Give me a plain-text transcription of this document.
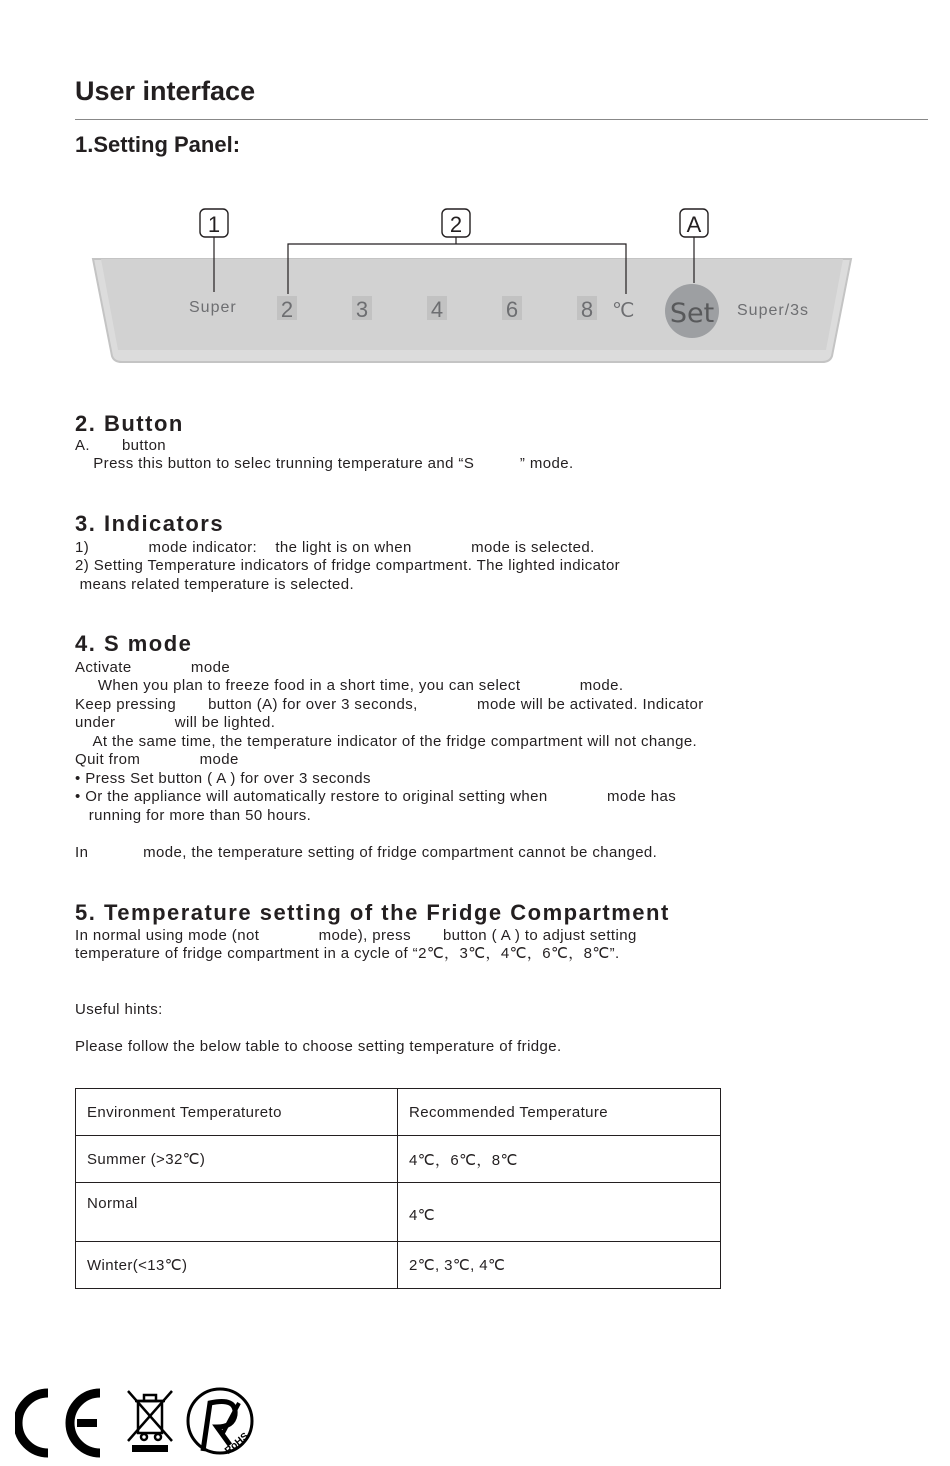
User interface
1.Setting Panel:
1	2	A
Super 2	3	4	6	8 ℃ Set Super/3s
2. Button
A.       button
Press this button to selec trunning temperature and “S          ” mode.
3. Indicators
1)             mode indicator:    the light is on when             mode is selected.
2) Setting Temperature indicators of fridge compartment. The lighted indicator
means related temperature is selected.
4. S mode
Activate             mode
When you plan to freeze food in a short time, you can select             mode.
Keep pressing       button (A) for over 3 seconds,             mode will be activated. Indicator
under             will be lighted.
At the same time, the temperature indicator of the fridge compartment will not change.
Quit from             mode
• Press Set button ( A ) for over 3 seconds
• Or the appliance will automatically restore to original setting when             mode has
running for more than 50 hours.
In            mode, the temperature setting of fridge compartment cannot be changed.
5. Temperature setting of the Fridge Compartment
In normal using mode (not             mode), press       button ( A ) to adjust setting
temperature of fridge compartment in a cycle of “2℃，3℃，4℃，6℃，8℃”.
Useful hints:
Please follow the below table to choose setting temperature of fridge.
Environment Temperatureto	Recommended Temperature
Summer (>32℃)	4℃，6℃，8℃
Normal	4℃
Winter(<13℃)	2℃, 3℃, 4℃
RoHS
